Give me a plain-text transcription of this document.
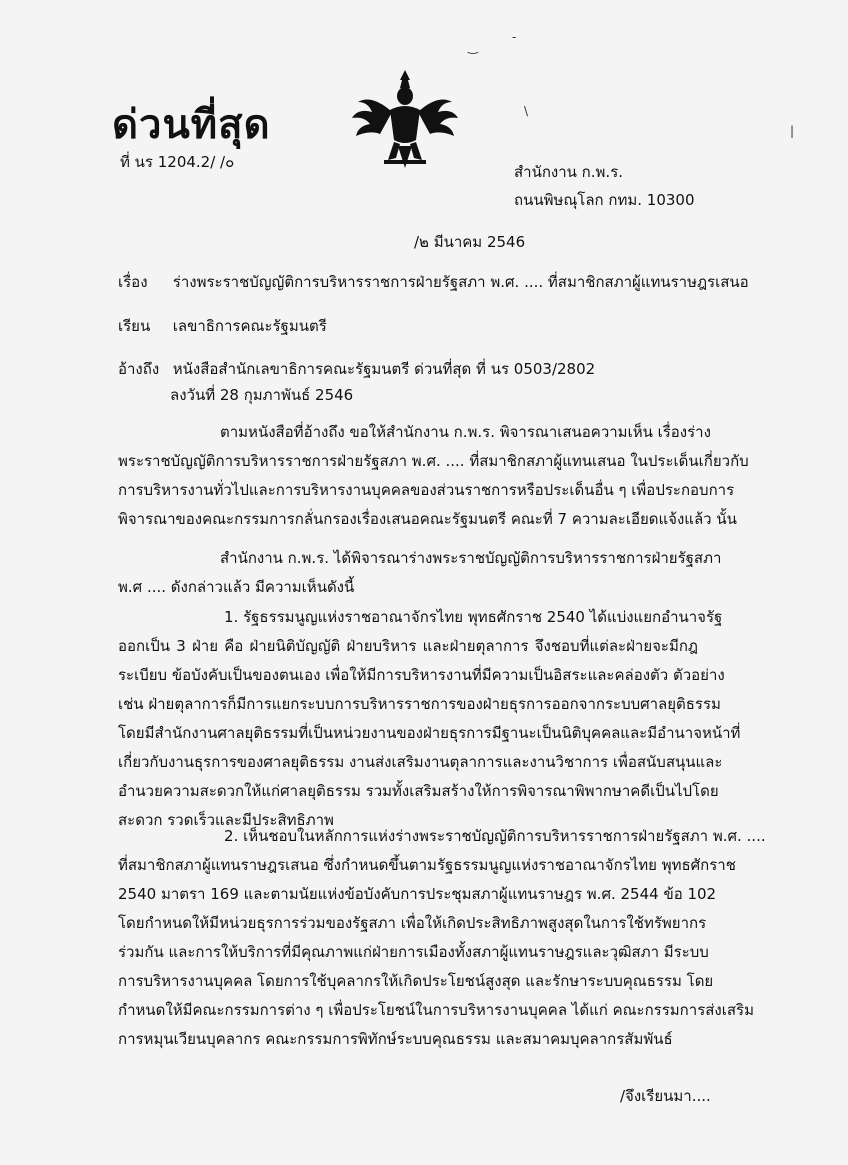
ด่วนที่สุด
ที่ นร 1204.2/ /๐
สำนักงาน ก.พ.ร.
ถนนพิษณุโลก กทม. 10300
/๒ มีนาคม 2546
เรื่อง ร่างพระราชบัญญัติการบริหารราชการฝ่ายรัฐสภา พ.ศ. .... ที่สมาชิกสภาผู้แทนราษฎรเสนอ
เรียน เลขาธิการคณะรัฐมนตรี
อ้างถึง หนังสือสำนักเลขาธิการคณะรัฐมนตรี ด่วนที่สุด ที่ นร 0503/2802
ลงวันที่ 28 กุมภาพันธ์ 2546
ตามหนังสือที่อ้างถึง ขอให้สำนักงาน ก.พ.ร. พิจารณาเสนอความเห็น เรื่องร่าง
พระราชบัญญัติการบริหารราชการฝ่ายรัฐสภา พ.ศ. .... ที่สมาชิกสภาผู้แทนเสนอ ในประเด็นเกี่ยวกับ
การบริหารงานทั่วไปและการบริหารงานบุคคลของส่วนราชการหรือประเด็นอื่น ๆ เพื่อประกอบการ
พิจารณาของคณะกรรมการกลั่นกรองเรื่องเสนอคณะรัฐมนตรี คณะที่ 7 ความละเอียดแจ้งแล้ว นั้น
สำนักงาน ก.พ.ร. ได้พิจารณาร่างพระราชบัญญัติการบริหารราชการฝ่ายรัฐสภา
พ.ศ .... ดังกล่าวแล้ว มีความเห็นดังนี้
1. รัฐธรรมนูญแห่งราชอาณาจักรไทย พุทธศักราช 2540 ได้แบ่งแยกอำนาจรัฐ
ออกเป็น 3 ฝ่าย คือ ฝ่ายนิติบัญญัติ ฝ่ายบริหาร และฝ่ายตุลาการ จึงชอบที่แต่ละฝ่ายจะมีกฎ
ระเบียบ ข้อบังคับเป็นของตนเอง เพื่อให้มีการบริหารงานที่มีความเป็นอิสระและคล่องตัว ตัวอย่าง
เช่น ฝ่ายตุลาการก็มีการแยกระบบการบริหารราชการของฝ่ายธุรการออกจากระบบศาลยุติธรรม
โดยมีสำนักงานศาลยุติธรรมที่เป็นหน่วยงานของฝ่ายธุรการมีฐานะเป็นนิติบุคคลและมีอำนาจหน้าที่
เกี่ยวกับงานธุรการของศาลยุติธรรม งานส่งเสริมงานตุลาการและงานวิชาการ เพื่อสนับสนุนและ
อำนวยความสะดวกให้แก่ศาลยุติธรรม รวมทั้งเสริมสร้างให้การพิจารณาพิพากษาคดีเป็นไปโดย
สะดวก รวดเร็วและมีประสิทธิภาพ
2. เห็นชอบในหลักการแห่งร่างพระราชบัญญัติการบริหารราชการฝ่ายรัฐสภา พ.ศ. ....
ที่สมาชิกสภาผู้แทนราษฎรเสนอ ซึ่งกำหนดขึ้นตามรัฐธรรมนูญแห่งราชอาณาจักรไทย พุทธศักราช
2540 มาตรา 169 และตามนัยแห่งข้อบังคับการประชุมสภาผู้แทนราษฎร พ.ศ. 2544 ข้อ 102
โดยกำหนดให้มีหน่วยธุรการร่วมของรัฐสภา เพื่อให้เกิดประสิทธิภาพสูงสุดในการใช้ทรัพยากร
ร่วมกัน และการให้บริการที่มีคุณภาพแก่ฝ่ายการเมืองทั้งสภาผู้แทนราษฎรและวุฒิสภา มีระบบ
การบริหารงานบุคคล โดยการใช้บุคลากรให้เกิดประโยชน์สูงสุด และรักษาระบบคุณธรรม โดย
กำหนดให้มีคณะกรรมการต่าง ๆ เพื่อประโยชน์ในการบริหารงานบุคคล ได้แก่ คณะกรรมการส่งเสริม
การหมุนเวียนบุคลากร คณะกรรมการพิทักษ์ระบบคุณธรรม และสมาคมบุคลากรสัมพันธ์
/จึงเรียนมา....
‿
-
\
|
